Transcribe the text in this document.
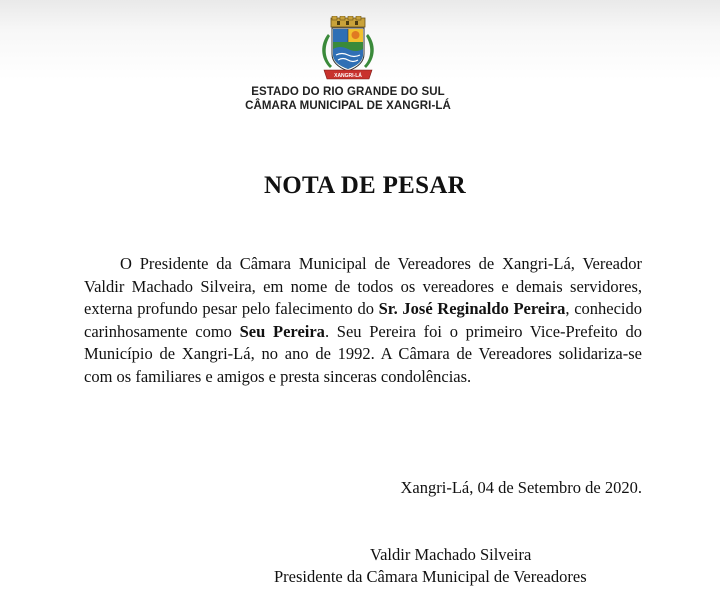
XANGRI-LÁ
ESTADO DO RIO GRANDE DO SUL
CÂMARA MUNICIPAL DE XANGRI-LÁ
NOTA DE PESAR
O Presidente da Câmara Municipal de Vereadores de Xangri-Lá, Vereador Valdir Machado Silveira, em nome de todos os vereadores e demais servidores, externa profundo pesar pelo falecimento do Sr. José Reginaldo Pereira, conhecido carinhosamente como Seu Pereira. Seu Pereira foi o primeiro Vice-Prefeito do Município de Xangri-Lá, no ano de 1992. A Câmara de Vereadores solidariza-se com os familiares e amigos e presta sinceras condolências.
Xangri-Lá, 04 de Setembro de 2020.
Valdir Machado Silveira
Presidente da Câmara Municipal de Vereadores
